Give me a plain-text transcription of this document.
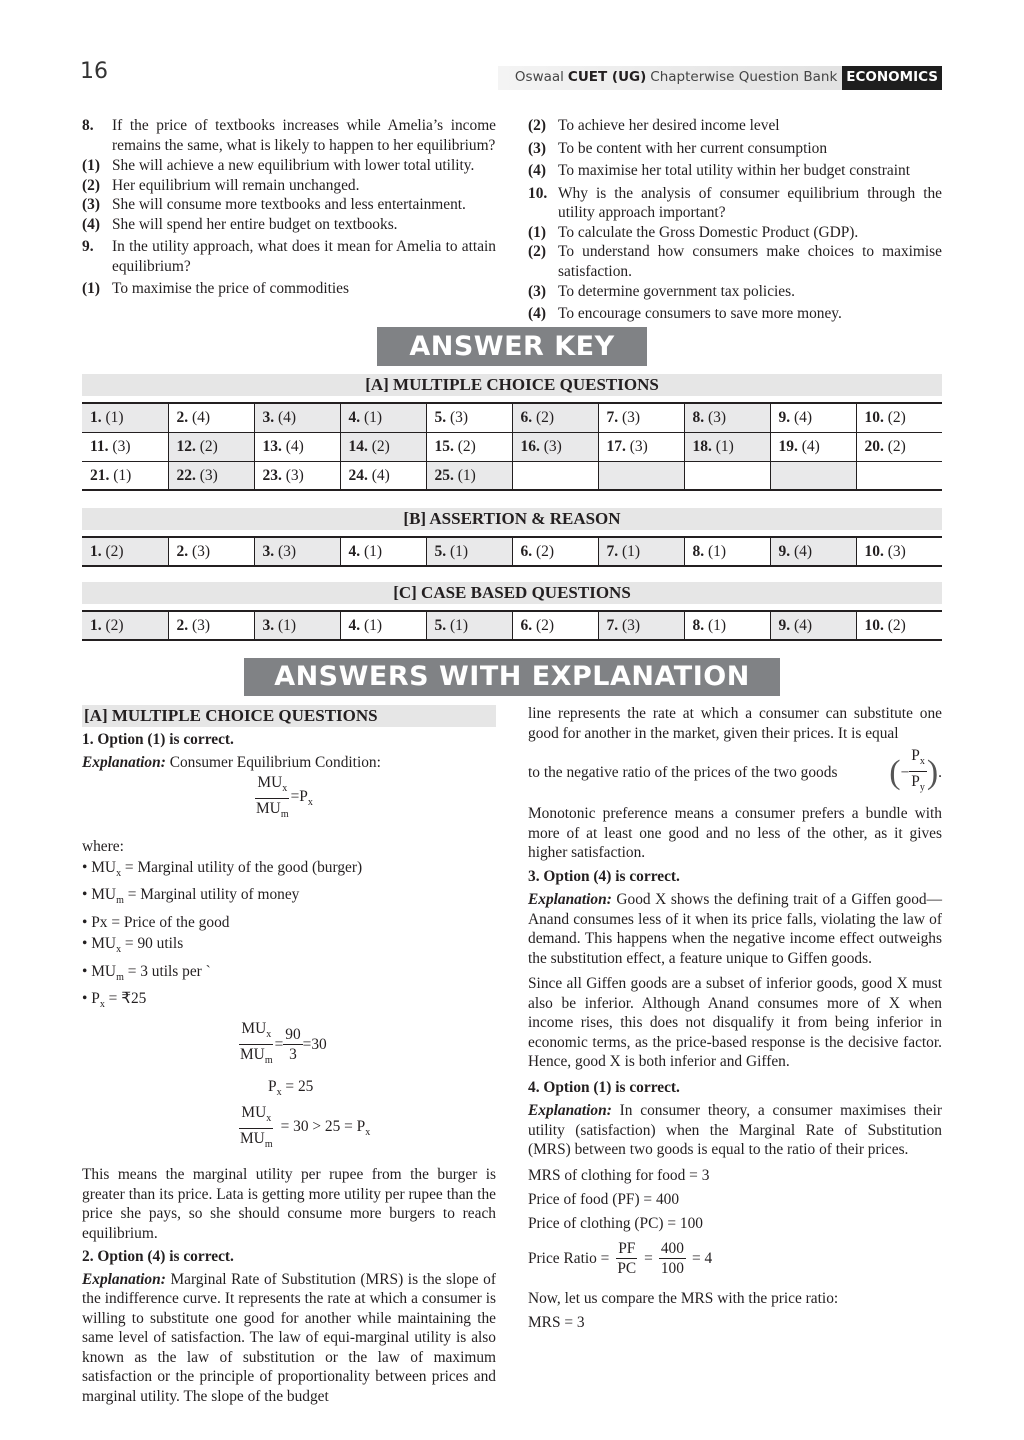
16	Oswaal CUET (UG) Chapterwise Question Bank ECONOMICS
8.	If the price of textbooks increases while Amelia’s income remains the same, what is likely to happen to her equilibrium?
(1) She will achieve a new equilibrium with lower total utility.
(2) Her equilibrium will remain unchanged.
(3) She will consume more textbooks and less entertainment.
(4) She will spend her entire budget on textbooks.
9.	In the utility approach, what does it mean for Amelia to attain equilibrium?
(1) To maximise the price of commodities
(2) To achieve her desired income level
(3) To be content with her current consumption
(4) To maximise her total utility within her budget constraint
10. Why is the analysis of consumer equilibrium through the utility approach important?
(1) To calculate the Gross Domestic Product (GDP).
(2) To understand how consumers make choices to maximise satisfaction.
(3) To determine government tax policies.
(4) To encourage consumers to save more money.
ANSWER KEY
[A] MULTIPLE CHOICE QUESTIONS
1. (1)	2. (4)	3. (4)	4. (1)	5. (3)	6. (2)	7. (3)	8. (3)	9. (4)	10. (2)
11. (3)	12. (2)	13. (4)	14. (2)	15. (2)	16. (3)	17. (3)	18. (1)	19. (4)	20. (2)
21. (1)	22. (3)	23. (3)	24. (4)	25. (1)					
[B] ASSERTION & REASON
1. (2)	2. (3)	3. (3)	4. (1)	5. (1)	6. (2)	7. (1)	8. (1)	9. (4)	10. (3)
[C] CASE BASED QUESTIONS
1. (2)	2. (3)	3. (1)	4. (1)	5. (1)	6. (2)	7. (3)	8. (1)	9. (4)	10. (2)
ANSWERS WITH EXPLANATION
[A] MULTIPLE CHOICE QUESTIONS
1. Option (1) is correct.
Explanation: Consumer Equilibrium Condition:
$\frac{MU_x}{MU_m} =P_x$
where:
• $MU_x$ = Marginal utility of the good (burger)
• $MU_m$ = Marginal utility of money
• Px = Price of the good
• $MU_x = 90$ utils
• $MU_m = 3$ utils per `
• $P_x$ = ₹25
$\frac{MU_x}{MU_m} = \frac{90}{3} =30$
$P_x = 25$
$\frac{MU_x}{MU_m} = 30 > 25 = P_x$
This means the marginal utility per rupee from the burger is greater than its price. Lata is getting more utility per rupee than the price she pays, so she should consume more burgers to reach equilibrium.
2. Option (4) is correct.
Explanation: Marginal Rate of Substitution (MRS) is the slope of the indifference curve. It represents the rate at which a consumer is willing to substitute one good for another while maintaining the same level of satisfaction. The law of equi-marginal utility is also known as the law of substitution or the law of maximum satisfaction or the principle of proportionality between prices and marginal utility. The slope of the budget
line represents the rate at which a consumer can substitute one good for another in the market, given their prices. It is equal
to the negative ratio of the prices of the two goods ( − $\frac{P_x}{P_y}$ ) .
Monotonic preference means a consumer prefers a bundle with more of at least one good and no less of the other, as it gives higher satisfaction.
3. Option (4) is correct.
Explanation: Good X shows the defining trait of a Giffen good—Anand consumes less of it when its price falls, violating the law of demand. This happens when the negative income effect outweighs the substitution effect, a feature unique to Giffen goods.
Since all Giffen goods are a subset of inferior goods, good X must also be inferior. Although Anand consumes more of X when income rises, this does not disqualify it from being inferior in economic terms, as the price-based response is the decisive factor. Hence, good X is both inferior and Giffen.
4. Option (1) is correct.
Explanation: In consumer theory, a consumer maximises their utility (satisfaction) when the Marginal Rate of Substitution (MRS) between two goods is equal to the ratio of their prices.
MRS of clothing for food = 3
Price of food (PF) = 400
Price of clothing (PC) = 100
Price Ratio = $\frac{PF}{PC} = \frac{400}{100} = 4$
Now, let us compare the MRS with the price ratio:
MRS = 3
